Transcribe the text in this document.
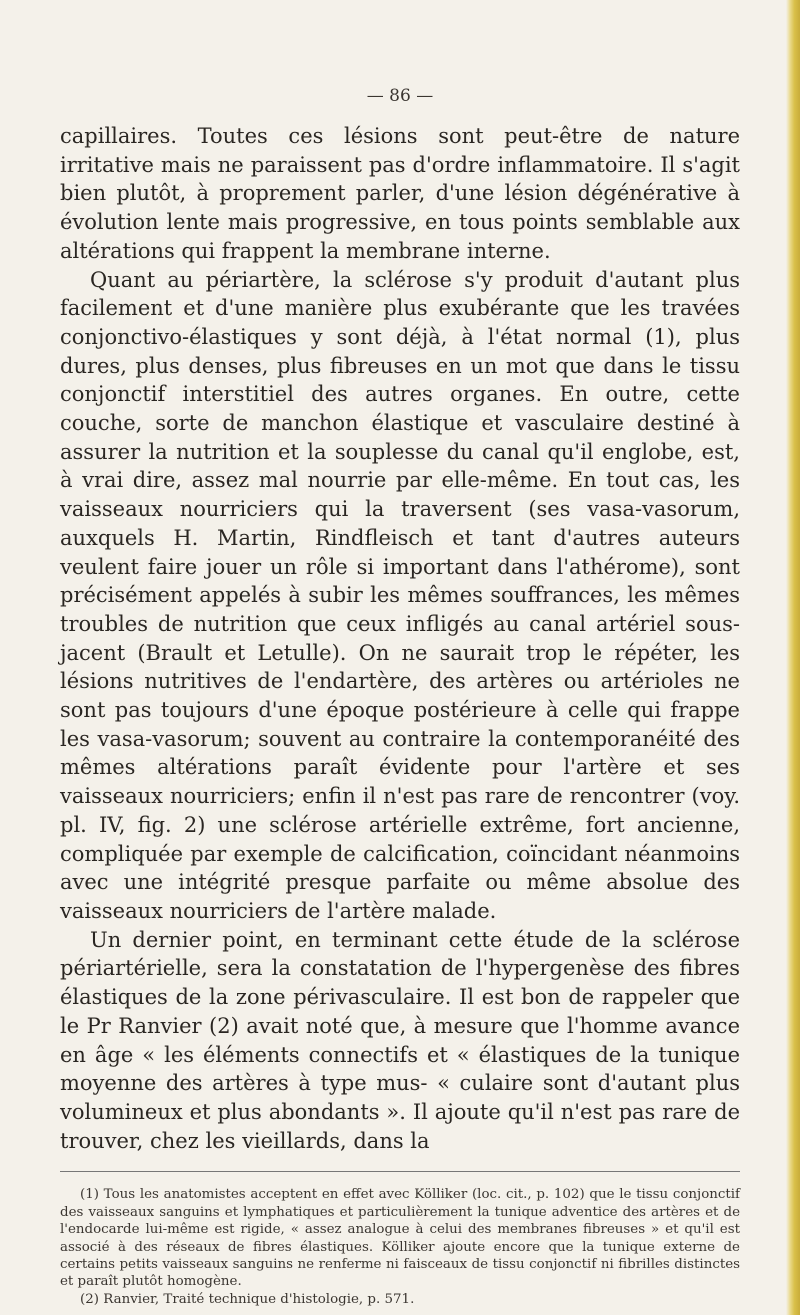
— 86 —

capillaires. Toutes ces lésions sont peut-être de nature irritative mais ne paraissent pas d'ordre inflammatoire. Il s'agit bien plutôt, à proprement parler, d'une lésion dégénérative à évolution lente mais progressive, en tous points semblable aux altérations qui frappent la membrane interne.

Quant au périartère, la sclérose s'y produit d'autant plus facilement et d'une manière plus exubérante que les travées conjonctivo-élastiques y sont déjà, à l'état normal (1), plus dures, plus denses, plus fibreuses en un mot que dans le tissu conjonctif interstitiel des autres organes. En outre, cette couche, sorte de manchon élastique et vasculaire destiné à assurer la nutrition et la souplesse du canal qu'il englobe, est, à vrai dire, assez mal nourrie par elle-même. En tout cas, les vaisseaux nourriciers qui la traversent (ses vasa-vasorum, auxquels H. Martin, Rindfleisch et tant d'autres auteurs veulent faire jouer un rôle si important dans l'athérome), sont précisément appelés à subir les mêmes souffrances, les mêmes troubles de nutrition que ceux infligés au canal artériel sous-jacent (Brault et Letulle). On ne saurait trop le répéter, les lésions nutritives de l'endartère, des artères ou artérioles ne sont pas toujours d'une époque postérieure à celle qui frappe les vasa-vasorum; souvent au contraire la contemporanéité des mêmes altérations paraît évidente pour l'artère et ses vaisseaux nourriciers; enfin il n'est pas rare de rencontrer (voy. pl. IV, fig. 2) une sclérose artérielle extrême, fort ancienne, compliquée par exemple de calcification, coïncidant néanmoins avec une intégrité presque parfaite ou même absolue des vaisseaux nourriciers de l'artère malade.

Un dernier point, en terminant cette étude de la sclérose périartérielle, sera la constatation de l'hypergenèse des fibres élastiques de la zone périvasculaire. Il est bon de rappeler que le Pr Ranvier (2) avait noté que, à mesure que l'homme avance en âge « les éléments connectifs et « élastiques de la tunique moyenne des artères à type mus- « culaire sont d'autant plus volumineux et plus abondants ». Il ajoute qu'il n'est pas rare de trouver, chez les vieillards, dans la

(1) Tous les anatomistes acceptent en effet avec Kölliker (loc. cit., p. 102) que le tissu conjonctif des vaisseaux sanguins et lymphatiques et particulièrement la tunique adventice des artères et de l'endocarde lui-même est rigide, « assez analogue à celui des membranes fibreuses » et qu'il est associé à des réseaux de fibres élastiques. Kölliker ajoute encore que la tunique externe de certains petits vaisseaux sanguins ne renferme ni faisceaux de tissu conjonctif ni fibrilles distinctes et paraît plutôt homogène.

(2) Ranvier, Traité technique d'histologie, p. 571.
